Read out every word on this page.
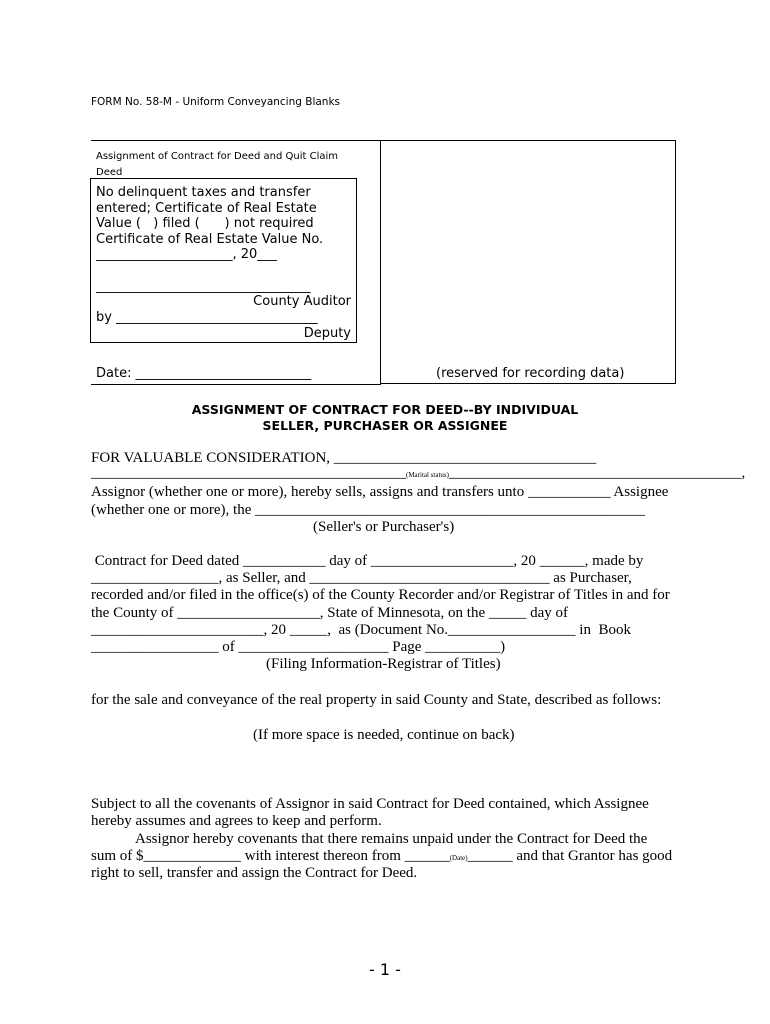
FORM No. 58-M - Uniform Conveyancing Blanks
Assignment of Contract for Deed and Quit Claim
Deed
No delinquent taxes and transfer
entered; Certificate of Real Estate
Value (   ) filed (      ) not required
Certificate of Real Estate Value No.
_____________________, 20___
_________________________________
County Auditor
by _______________________________
Deputy
Date: ___________________________	(reserved for recording data)
ASSIGNMENT OF CONTRACT FOR DEED--BY INDIVIDUAL
SELLER, PURCHASER OR ASSIGNEE
FOR VALUABLE CONSIDERATION, ___________________________________
__________________________________________(Marital status)_______________________________________,
Assignor (whether one or more), hereby sells, assigns and transfers unto ___________ Assignee
(whether one or more), the ____________________________________________________
(Seller's or Purchaser's)
Contract for Deed dated ___________ day of ___________________, 20 ______, made by
_________________, as Seller, and ________________________________ as Purchaser,
recorded and/or filed in the office(s) of the County Recorder and/or Registrar of Titles in and for
the County of ___________________, State of Minnesota, on the _____ day of
_______________________, 20 _____,  as (Document No._________________ in  Book
_________________ of ____________________ Page __________)
(Filing Information-Registrar of Titles)
for the sale and conveyance of the real property in said County and State, described as follows:
(If more space is needed, continue on back)
Subject to all the covenants of Assignor in said Contract for Deed contained, which Assignee
hereby assumes and agrees to keep and perform.
Assignor hereby covenants that there remains unpaid under the Contract for Deed the
sum of $_____________ with interest thereon from ______(Date)______ and that Grantor has good
right to sell, transfer and assign the Contract for Deed.
- 1 -
